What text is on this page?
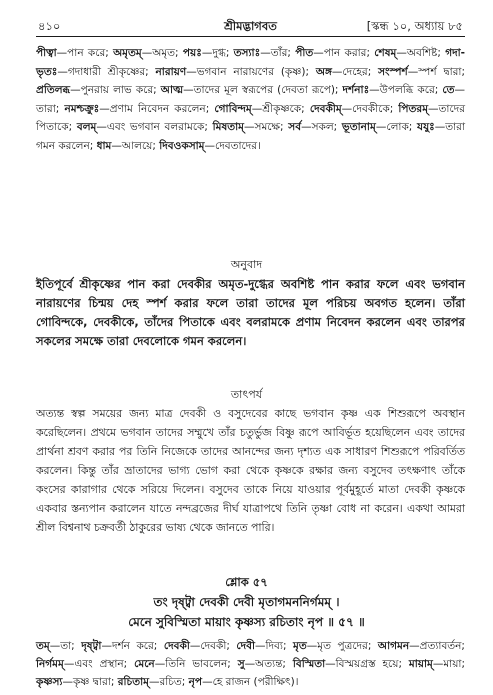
৪১০	শ্রীমদ্ভাগবত	[স্কন্ধ ১০, অধ্যায় ৮৫
পীত্বা—পান করে; অমৃতম্—অমৃত; পয়ঃ—দুগ্ধ; তস্যাঃ—তাঁর; পীত—পান করার; শেষম্—অবশিষ্ট; গদা-ভৃতঃ—গদাধারী শ্রীকৃষ্ণের; নারায়ণ—ভগবান নারায়ণের (কৃষ্ণ); অঙ্গ—দেহের; সংস্পর্শ—স্পর্শ দ্বারা; প্রতিলব্ধ—পুনরায় লাভ করে; আত্ম—তাদের মূল স্বরূপের (দেবতা রূপে); দর্শনাঃ—উপলব্ধি করে; তে—তারা; নমশ্চক্রুঃ—প্রণাম নিবেদন করলেন; গোবিন্দম্—শ্রীকৃষ্ণকে; দেবকীম্—দেবকীকে; পিতরম্—তাদের পিতাকে; বলম্—এবং ভগবান বলরামকে; মিষতাম্—সমক্ষে; সর্ব—সকল; ভূতানাম্—লোক; যযুঃ—তারা গমন করলেন; ধাম—আলয়ে; দিবওকসাম্—দেবতাদের।
অনুবাদ
ইতিপূর্বে শ্রীকৃষ্ণের পান করা দেবকীর অমৃত-দুগ্ধের অবশিষ্ট পান করার ফলে এবং ভগবান নারায়ণের চিন্ময় দেহ স্পর্শ করার ফলে তারা তাদের মূল পরিচয় অবগত হলেন। তাঁরা গোবিন্দকে, দেবকীকে, তাঁদের পিতাকে এবং বলরামকে প্রণাম নিবেদন করলেন এবং তারপর সকলের সমক্ষে তারা দেবলোকে গমন করলেন।
তাৎপর্য
অত্যন্ত স্বল্প সময়ের জন্য মাত্র দেবকী ও বসুদেবের কাছে ভগবান কৃষ্ণ এক শিশুরূপে অবস্থান করেছিলেন। প্রথমে ভগবান তাদের সম্মুখে তাঁর চতুর্ভুজ বিষ্ণু রূপে আবির্ভূত হয়েছিলেন এবং তাদের প্রার্থনা শ্রবণ করার পর তিনি নিজেকে তাদের আনন্দের জন্য দৃশ্যত এক সাধারণ শিশুরূপে পরিবর্তিত করলেন। কিন্তু তাঁর ভ্রাতাদের ভাগ্য ভোগ করা থেকে কৃষ্ণকে রক্ষার জন্য বসুদেব তৎক্ষণাৎ তাঁকে কংসের কারাগার থেকে সরিয়ে দিলেন। বসুদেব তাকে নিয়ে যাওয়ার পূর্বমুহূর্তে মাতা দেবকী কৃষ্ণকে একবার স্তন্যপান করালেন যাতে নন্দব্রজের দীর্ঘ যাত্রাপথে তিনি তৃষ্ণা বোধ না করেন। একথা আমরা শ্রীল বিশ্বনাথ চক্রবর্তী ঠাকুরের ভাষ্য থেকে জানতে পারি।
শ্লোক ৫৭
তং দৃষ্ট্বা দেবকী দেবী মৃতাগমননির্গমম্ ।
মেনে সুবিস্মিতা মায়াং কৃষ্ণস্য রচিতাং নৃপ ॥ ৫৭ ॥
তম্—তা; দৃষ্ট্বা—দর্শন করে; দেবকী—দেবকী; দেবী—দিব্য; মৃত—মৃত পুত্রদের; আগমন—প্রত্যাবর্তন; নির্গমম্—এবং প্রস্থান; মেনে—তিনি ভাবলেন; সু—অত্যন্ত; বিস্মিতা—বিস্ময়গ্রস্ত হয়ে; মায়াম্—মায়া; কৃষ্ণস্য—কৃষ্ণ দ্বারা; রচিতাম্—রচিত; নৃপ—হে রাজন (পরীক্ষিৎ)।
